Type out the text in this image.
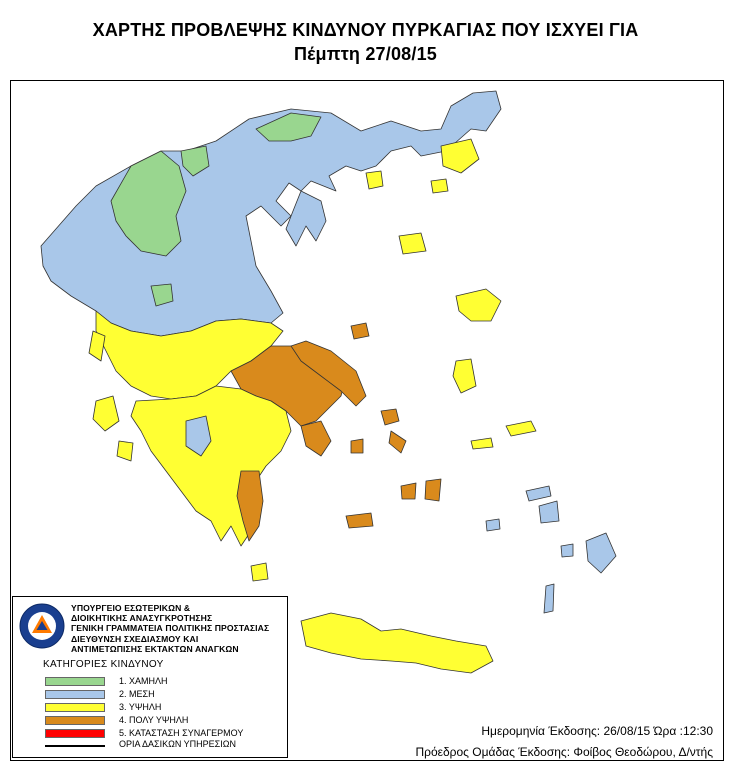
ΧΑΡΤΗΣ ΠΡΟΒΛΕΨΗΣ ΚΙΝΔΥΝΟΥ ΠΥΡΚΑΓΙΑΣ ΠΟΥ ΙΣΧΥΕΙ ΓΙΑ
Πέμπτη 27/08/15
ΥΠΟΥΡΓΕΙΟ ΕΣΩΤΕΡΙΚΩΝ &
ΔΙΟΙΚΗΤΙΚΗΣ ΑΝΑΣΥΓΚΡΟΤΗΣΗΣ
ΓΕΝΙΚΗ ΓΡΑΜΜΑΤΕΙΑ ΠΟΛΙΤΙΚΗΣ ΠΡΟΣΤΑΣΙΑΣ
ΔΙΕΥΘΥΝΣΗ ΣΧΕΔΙΑΣΜΟΥ ΚΑΙ
ΑΝΤΙΜΕΤΩΠΙΣΗΣ ΕΚΤΑΚΤΩΝ ΑΝΑΓΚΩΝ
ΚΑΤΗΓΟΡΙΕΣ ΚΙΝΔΥΝΟΥ
1. ΧΑΜΗΛΗ
2. ΜΕΣΗ
3. ΥΨΗΛΗ
4. ΠΟΛΥ ΥΨΗΛΗ
5. ΚΑΤΑΣΤΑΣΗ ΣΥΝΑΓΕΡΜΟΥ
ΟΡΙΑ ΔΑΣΙΚΩΝ ΥΠΗΡΕΣΙΩΝ
Ημερομηνία Έκδοσης: 26/08/15 Ώρα :12:30
Πρόεδρος Ομάδας Έκδοσης: Φοίβος Θεοδώρου, Δ/ντής
